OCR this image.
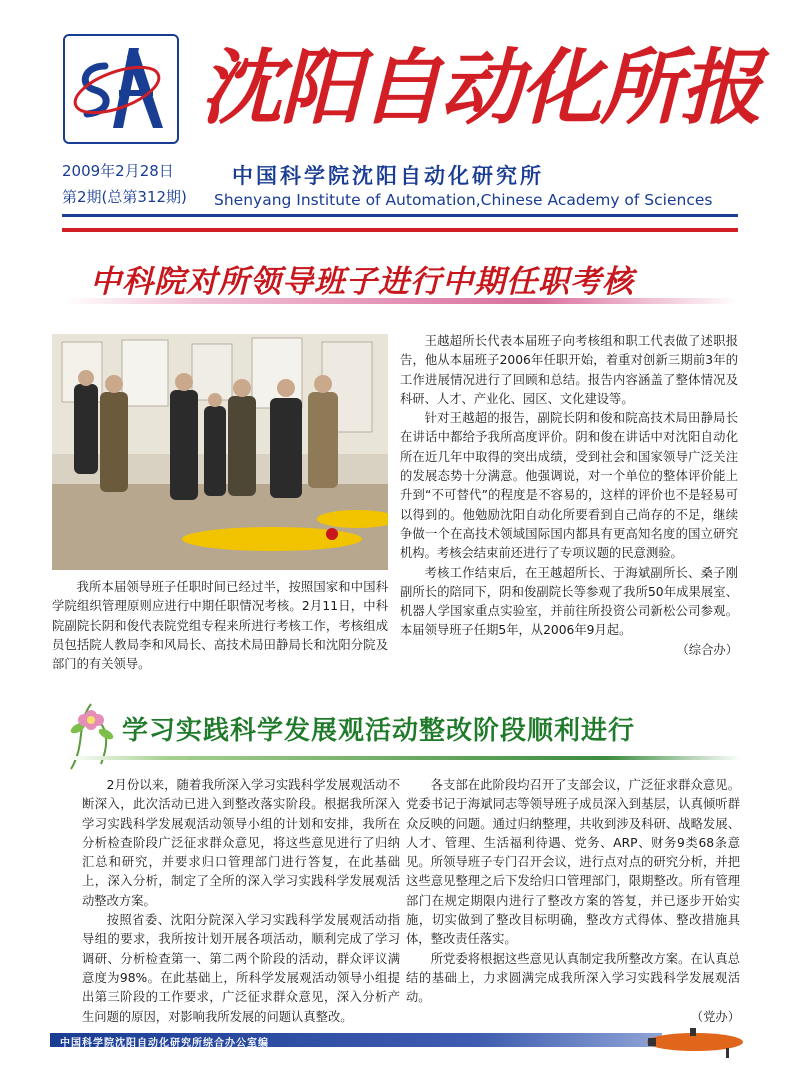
沈阳自动化所报
2009年2月28日
第2期(总第312期)
中国科学院沈阳自动化研究所
Shenyang Institute of Automation,Chinese Academy of Sciences
中科院对所领导班子进行中期任职考核

我所本届领导班子任职时间已经过半，按照国家和中国科学院组织管理原则应进行中期任职情况考核。2月11日，中科院副院长阴和俊代表院党组专程来所进行考核工作，考核组成员包括院人教局李和风局长、高技术局田静局长和沈阳分院及部门的有关领导。

王越超所长代表本届班子向考核组和职工代表做了述职报告，他从本届班子2006年任职开始，着重对创新三期前3年的工作进展情况进行了回顾和总结。报告内容涵盖了整体情况及科研、人才、产业化、园区、文化建设等。

针对王越超的报告，副院长阴和俊和院高技术局田静局长在讲话中都给予我所高度评价。阴和俊在讲话中对沈阳自动化所在近几年中取得的突出成绩，受到社会和国家领导广泛关注的发展态势十分满意。他强调说，对一个单位的整体评价能上升到“不可替代”的程度是不容易的，这样的评价也不是轻易可以得到的。他勉励沈阳自动化所要看到自己尚存的不足，继续争做一个在高技术领域国际国内都具有更高知名度的国立研究机构。考核会结束前还进行了专项议题的民意测验。

考核工作结束后，在王越超所长、于海斌副所长、桑子刚副所长的陪同下，阴和俊副院长等参观了我所50年成果展室、机器人学国家重点实验室，并前往所投资公司新松公司参观。本届领导班子任期5年，从2006年9月起。

（综合办）
学习实践科学发展观活动整改阶段顺利进行

2月份以来，随着我所深入学习实践科学发展观活动不断深入，此次活动已进入到整改落实阶段。根据我所深入学习实践科学发展观活动领导小组的计划和安排，我所在分析检查阶段广泛征求群众意见，将这些意见进行了归纳汇总和研究，并要求归口管理部门进行答复，在此基础上，深入分析，制定了全所的深入学习实践科学发展观活动整改方案。

按照省委、沈阳分院深入学习实践科学发展观活动指导组的要求，我所按计划开展各项活动，顺利完成了学习调研、分析检查第一、第二两个阶段的活动，群众评议满意度为98%。在此基础上，所科学发展观活动领导小组提出第三阶段的工作要求，广泛征求群众意见，深入分析产生问题的原因，对影响我所发展的问题认真整改。

各支部在此阶段均召开了支部会议，广泛征求群众意见。党委书记于海斌同志等领导班子成员深入到基层，认真倾听群众反映的问题。通过归纳整理，共收到涉及科研、战略发展、人才、管理、生活福利待遇、党务、ARP、财务9类68条意见。所领导班子专门召开会议，进行点对点的研究分析，并把这些意见整理之后下发给归口管理部门，限期整改。所有管理部门在规定期限内进行了整改方案的答复，并已逐步开始实施，切实做到了整改目标明确，整改方式得体、整改措施具体，整改责任落实。

所党委将根据这些意见认真制定我所整改方案。在认真总结的基础上，力求圆满完成我所深入学习实践科学发展观活动。

（党办）
中国科学院沈阳自动化研究所综合办公室编
